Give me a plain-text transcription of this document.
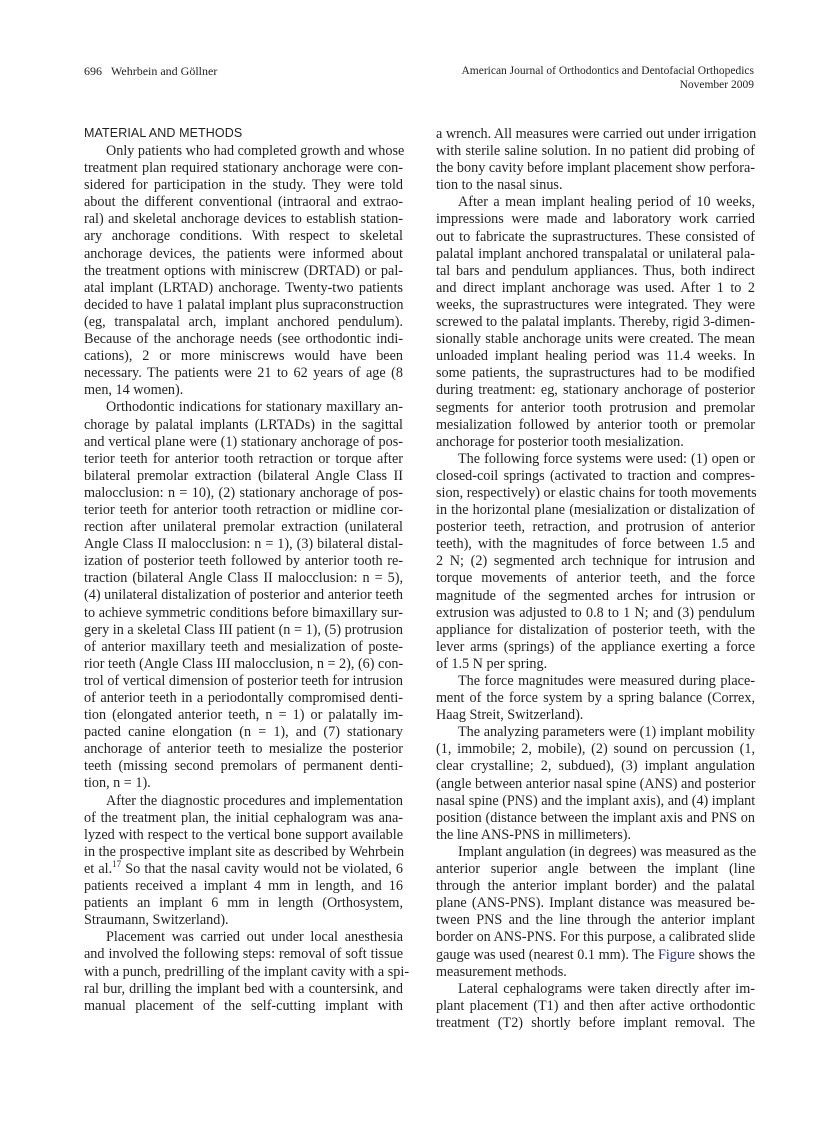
696 Wehrbein and Göllner	American Journal of Orthodontics and Dentofacial Orthopedics
November 2009
MATERIAL AND METHODS
Only patients who had completed growth and whose
treatment plan required stationary anchorage were con-
sidered for participation in the study. They were told
about the different conventional (intraoral and extrao-
ral) and skeletal anchorage devices to establish station-
ary anchorage conditions. With respect to skeletal
anchorage devices, the patients were informed about
the treatment options with miniscrew (DRTAD) or pal-
atal implant (LRTAD) anchorage. Twenty-two patients
decided to have 1 palatal implant plus supraconstruction
(eg, transpalatal arch, implant anchored pendulum).
Because of the anchorage needs (see orthodontic indi-
cations), 2 or more miniscrews would have been
necessary. The patients were 21 to 62 years of age (8
men, 14 women).
Orthodontic indications for stationary maxillary an-
chorage by palatal implants (LRTADs) in the sagittal
and vertical plane were (1) stationary anchorage of pos-
terior teeth for anterior tooth retraction or torque after
bilateral premolar extraction (bilateral Angle Class II
malocclusion: n = 10), (2) stationary anchorage of pos-
terior teeth for anterior tooth retraction or midline cor-
rection after unilateral premolar extraction (unilateral
Angle Class II malocclusion: n = 1), (3) bilateral distal-
ization of posterior teeth followed by anterior tooth re-
traction (bilateral Angle Class II malocclusion: n = 5),
(4) unilateral distalization of posterior and anterior teeth
to achieve symmetric conditions before bimaxillary sur-
gery in a skeletal Class III patient (n = 1), (5) protrusion
of anterior maxillary teeth and mesialization of poste-
rior teeth (Angle Class III malocclusion, n = 2), (6) con-
trol of vertical dimension of posterior teeth for intrusion
of anterior teeth in a periodontally compromised denti-
tion (elongated anterior teeth, n = 1) or palatally im-
pacted canine elongation (n = 1), and (7) stationary
anchorage of anterior teeth to mesialize the posterior
teeth (missing second premolars of permanent denti-
tion, n = 1).
After the diagnostic procedures and implementation
of the treatment plan, the initial cephalogram was ana-
lyzed with respect to the vertical bone support available
in the prospective implant site as described by Wehrbein
et al.$^{17}$ So that the nasal cavity would not be violated, 6
patients received a implant 4 mm in length, and 16
patients an implant 6 mm in length (Orthosystem,
Straumann, Switzerland).
Placement was carried out under local anesthesia
and involved the following steps: removal of soft tissue
with a punch, predrilling of the implant cavity with a spi-
ral bur, drilling the implant bed with a countersink, and
manual placement of the self-cutting implant with
a wrench. All measures were carried out under irrigation
with sterile saline solution. In no patient did probing of
the bony cavity before implant placement show perfora-
tion to the nasal sinus.
After a mean implant healing period of 10 weeks,
impressions were made and laboratory work carried
out to fabricate the suprastructures. These consisted of
palatal implant anchored transpalatal or unilateral pala-
tal bars and pendulum appliances. Thus, both indirect
and direct implant anchorage was used. After 1 to 2
weeks, the suprastructures were integrated. They were
screwed to the palatal implants. Thereby, rigid 3-dimen-
sionally stable anchorage units were created. The mean
unloaded implant healing period was 11.4 weeks. In
some patients, the suprastructures had to be modified
during treatment: eg, stationary anchorage of posterior
segments for anterior tooth protrusion and premolar
mesialization followed by anterior tooth or premolar
anchorage for posterior tooth mesialization.
The following force systems were used: (1) open or
closed-coil springs (activated to traction and compres-
sion, respectively) or elastic chains for tooth movements
in the horizontal plane (mesialization or distalization of
posterior teeth, retraction, and protrusion of anterior
teeth), with the magnitudes of force between 1.5 and
2 N; (2) segmented arch technique for intrusion and
torque movements of anterior teeth, and the force
magnitude of the segmented arches for intrusion or
extrusion was adjusted to 0.8 to 1 N; and (3) pendulum
appliance for distalization of posterior teeth, with the
lever arms (springs) of the appliance exerting a force
of 1.5 N per spring.
The force magnitudes were measured during place-
ment of the force system by a spring balance (Correx,
Haag Streit, Switzerland).
The analyzing parameters were (1) implant mobility
(1, immobile; 2, mobile), (2) sound on percussion (1,
clear crystalline; 2, subdued), (3) implant angulation
(angle between anterior nasal spine (ANS) and posterior
nasal spine (PNS) and the implant axis), and (4) implant
position (distance between the implant axis and PNS on
the line ANS-PNS in millimeters).
Implant angulation (in degrees) was measured as the
anterior superior angle between the implant (line
through the anterior implant border) and the palatal
plane (ANS-PNS). Implant distance was measured be-
tween PNS and the line through the anterior implant
border on ANS-PNS. For this purpose, a calibrated slide
gauge was used (nearest 0.1 mm). The Figure shows the
measurement methods.
Lateral cephalograms were taken directly after im-
plant placement (T1) and then after active orthodontic
treatment (T2) shortly before implant removal. The
